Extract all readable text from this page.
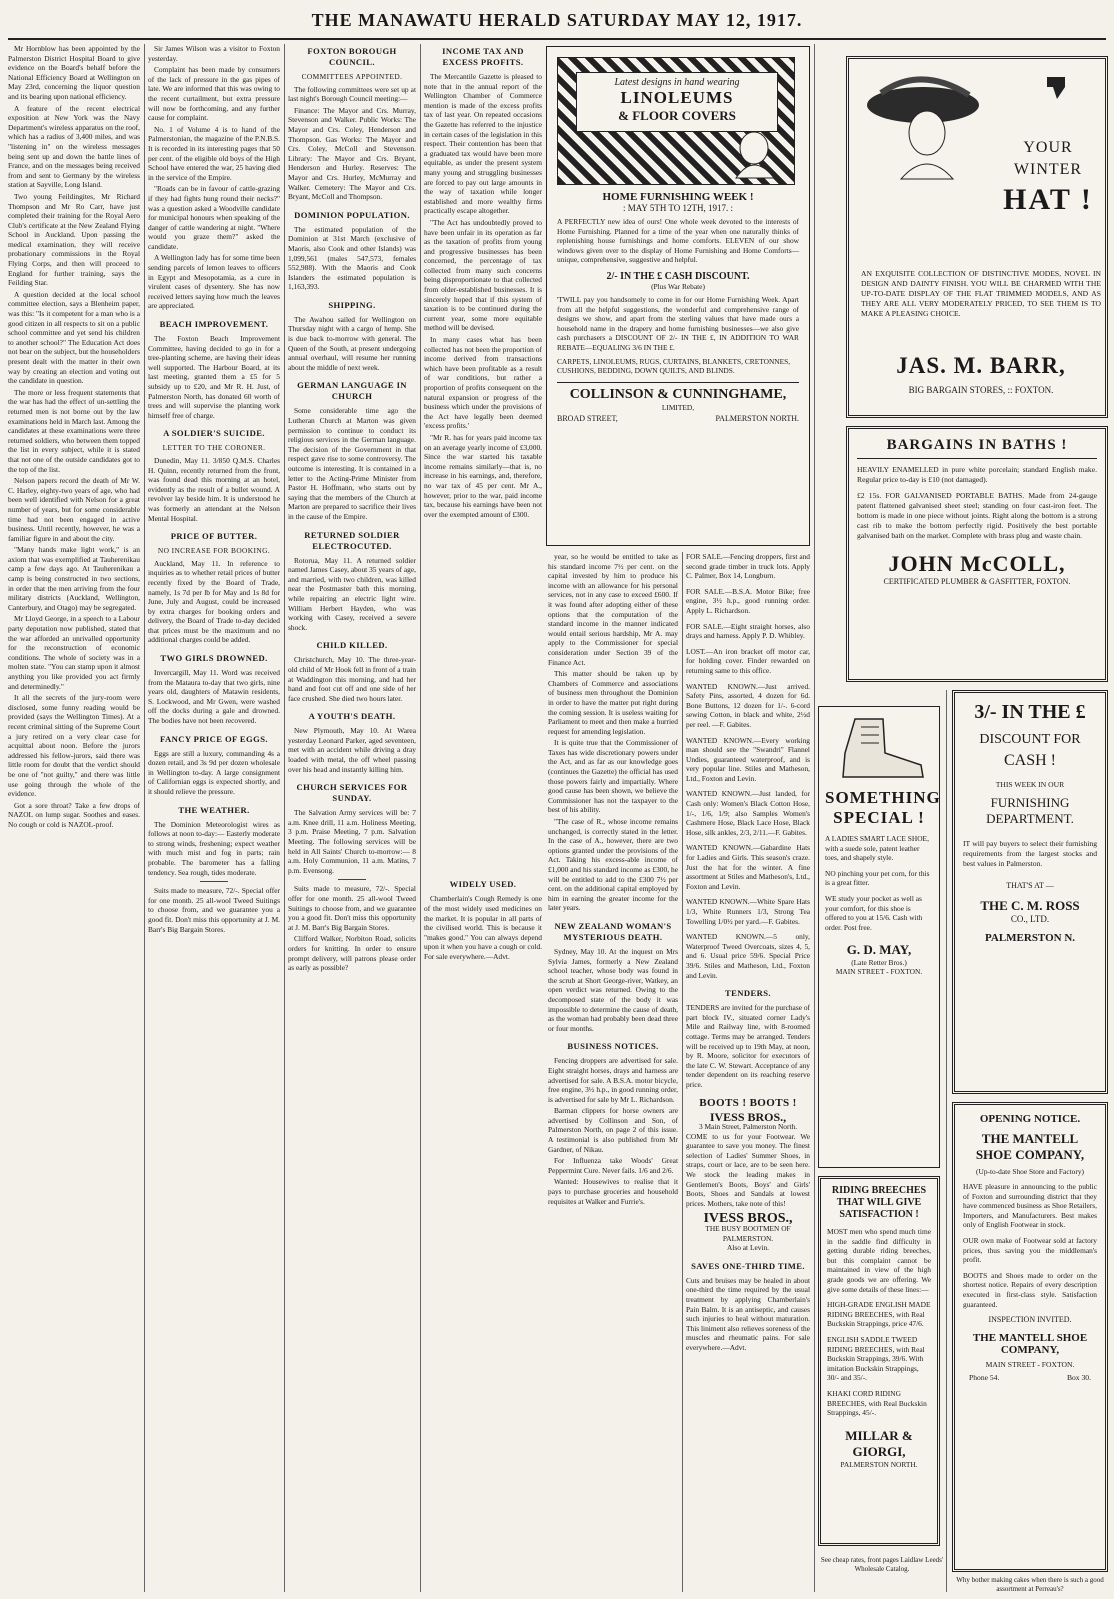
THE MANAWATU HERALD SATURDAY MAY 12, 1917.

Mr Hornblow has been appointed by the Palmerston District Hospital Board to give evidence on the Board's behalf before the National Efficiency Board at Wellington on May 23rd, concerning the liquor question and its bearing upon national efficiency.

A feature of the recent electrical exposition at New York was the Navy Department's wireless apparatus on the roof, which has a radius of 3,400 miles, and was "listening in" on the wireless messages being sent up and down the battle lines of France, and on the messages being received from and sent to Germany by the wireless station at Sayville, Long Island.

Two young Feildingites, Mr Richard Thompson and Mr Ro Carr, have just completed their training for the Royal Aero Club's certificate at the New Zealand Flying School in Auckland. Upon passing the medical examination, they will receive probationary commissions in the Royal Flying Corps, and then will proceed to England for further training, says the Feilding Star.

A question decided at the local school committee election, says a Blenheim paper, was this: "Is it competent for a man who is a good citizen in all respects to sit on a public school committee and yet send his children to another school?" The Education Act does not bear on the subject, but the householders present dealt with the matter in their own way by creating an election and voting out the candidate in question.

The more or less frequent statements that the war has had the effect of un-settling the returned men is not borne out by the law examinations held in March last. Among the candidates at these examinations were three returned soldiers, who between them topped the list in every subject, while it is stated that not one of the outside candidates got to the top of the list.

Nelson papers record the death of Mr W. C. Harley, eighty-two years of age, who had been well identified with Nelson for a great number of years, but for some considerable time had not been engaged in active business. Until recently, however, he was a familiar figure in and about the city.

"Many hands make light work," is an axiom that was exemplified at Tauherenikau camp a few days ago. At Tauherenikau a camp is being constructed in two sections, in order that the men arriving from the four military districts (Auckland, Wellington, Canterbury, and Otago) may be segregated.

Mr Lloyd George, in a speech to a Labour party deputation now published, stated that the war afforded an unrivalled opportunity for the reconstruction of economic conditions. The whole of society was in a molten state. "You can stamp upon it almost anything you like provided you act firmly and determinedly."

It all the secrets of the jury-room were disclosed, some funny reading would be provided (says the Wellington Times). At a recent criminal sitting of the Supreme Court a jury retired on a very clear case for acquittal about noon. Before the jurors addressed his fellow-jurors, said there was little room for doubt that the verdict should be one of "not guilty," and there was little use going through the whole of the evidence.

Got a sore throat? Take a few drops of NAZOL on lump sugar. Soothes and eases. No cough or cold is NAZOL-proof.

Sir James Wilson was a visitor to Foxton yesterday.

Complaint has been made by consumers of the lack of pressure in the gas pipes of late. We are informed that this was owing to the recent curtailment, but extra pressure will now be forthcoming, and any further cause for complaint.

No. 1 of Volume 4 is to hand of the Palmerstonian, the magazine of the P.N.B.S. It is recorded in its interesting pages that 50 per cent. of the eligible old boys of the High School have entered the war, 25 having died in the service of the Empire.

"Roads can be in favour of cattle-grazing if they had fights hung round their necks?" was a question asked a Woodville candidate for municipal honours when speaking of the danger of cattle wandering at night. "Where would you graze them?" asked the candidate.

A Wellington lady has for some time been sending parcels of lemon leaves to officers in Egypt and Mesopotamia, as a cure in virulent cases of dysentery. She has now received letters saying how much the leaves are appreciated.

BEACH IMPROVEMENT.

The Foxton Beach Improvement Committee, having decided to go in for a tree-planting scheme, are having their ideas well supported. The Harbour Board, at its last meeting, granted them a £5 for 5 subsidy up to £20, and Mr R. H. Just, of Palmerston North, has donated 60 worth of trees and will supervise the planting work himself free of charge.

A SOLDIER'S SUICIDE.
LETTER TO THE CORONER.

Dunedin, May 11. 3/850 Q.M.S. Charles H. Quinn, recently returned from the front, was found dead this morning at an hotel, evidently as the result of a bullet wound. A revolver lay beside him. It is understood he was formerly an attendant at the Nelson Mental Hospital.

PRICE OF BUTTER.
NO INCREASE FOR BOOKING.

Auckland, May 11. In reference to inquiries as to whether retail prices of butter recently fixed by the Board of Trade, namely, 1s 7d per lb for May and 1s 8d for June, July and August, could be increased by extra charges for booking orders and delivery, the Board of Trade to-day decided that prices must be the maximum and no additional charges could be added.

TWO GIRLS DROWNED.

Invercargill, May 11. Word was received from the Mataura to-day that two girls, nine years old, daughters of Matawin residents, S. Lockwood, and Mr Gwen, were washed off the docks during a gale and drowned. The bodies have not been recovered.

FANCY PRICE OF EGGS.

Eggs are still a luxury, commanding 4s a dozen retail, and 3s 9d per dozen wholesale in Wellington to-day. A large consignment of Californian eggs is expected shortly, and it should relieve the pressure.

THE WEATHER.

The Dominion Meteorologist wires as follows at noon to-day:— Easterly moderate to strong winds, freshening; expect weather with much mist and fog in parts; rain probable. The barometer has a falling tendency. Sea rough, tides moderate.

Suits made to measure, 72/-. Special offer for one month. 25 all-wool Tweed Suitings to choose from, and we guarantee you a good fit. Don't miss this opportunity at J. M. Barr's Big Bargain Stores.

FOXTON BOROUGH COUNCIL.
COMMITTEES APPOINTED.

The following committees were set up at last night's Borough Council meeting:—

Finance: The Mayor and Crs. Murray, Stevenson and Walker. Public Works: The Mayor and Crs. Coley, Henderson and Thompson. Gas Works: The Mayor and Crs. Coley, McColl and Stevenson. Library: The Mayor and Crs. Bryant, Henderson and Hurley. Reserves: The Mayor and Crs. Hurley, McMurray and Walker. Cemetery: The Mayor and Crs. Bryant, McColl and Thompson.

DOMINION POPULATION.

The estimated population of the Dominion at 31st March (exclusive of Maoris, also Cook and other Islands) was 1,099,561 (males 547,573, females 552,988). With the Maoris and Cook Islanders the estimated population is 1,163,393.

SHIPPING.

The Awahou sailed for Wellington on Thursday night with a cargo of hemp. She is due back to-morrow with general. The Queen of the South, at present undergoing annual overhaul, will resume her running about the middle of next week.

GERMAN LANGUAGE IN CHURCH

Some considerable time ago the Lutheran Church at Marton was given permission to continue to conduct its religious services in the German language. The decision of the Government in that respect gave rise to some controversy. The outcome is interesting. It is contained in a letter to the Acting-Prime Minister from Pastor H. Hoffmann, who starts out by saying that the members of the Church at Marton are prepared to sacrifice their lives in the cause of the Empire.

RETURNED SOLDIER ELECTROCUTED.

Rotorua, May 11. A returned soldier named James Casey, about 35 years of age, and married, with two children, was killed near the Postmaster bath this morning, while repairing an electric light wire. William Herbert Hayden, who was working with Casey, received a severe shock.

CHILD KILLED.

Christchurch, May 10. The three-year-old child of Mr Hook fell in front of a train at Waddington this morning, and had her hand and foot cut off and one side of her face crushed. She died two hours later.

A YOUTH'S DEATH.

New Plymouth, May 10. At Warea yesterday Leonard Parker, aged seventeen, met with an accident while driving a dray loaded with metal, the off wheel passing over his head and instantly killing him.

CHURCH SERVICES FOR SUNDAY.

The Salvation Army services will be: 7 a.m. Knee drill, 11 a.m. Holiness Meeting, 3 p.m. Praise Meeting, 7 p.m. Salvation Meeting. The following services will be held in All Saints' Church to-morrow:— 8 a.m. Holy Communion, 11 a.m. Matins, 7 p.m. Evensong.

Suits made to measure, 72/-. Special offer for one month. 25 all-wool Tweed Suitings to choose from, and we guarantee you a good fit. Don't miss this opportunity at J. M. Barr's Big Bargain Stores.

Clifford Walker, Norbiton Road, solicits orders for knitting. In order to ensure prompt delivery, will patrons please order as early as possible?

INCOME TAX AND EXCESS PROFITS.

The Mercantile Gazette is pleased to note that in the annual report of the Wellington Chamber of Commerce mention is made of the excess profits tax of last year. On repeated occasions the Gazette has referred to the injustice in certain cases of the legislation in this respect. Their contention has been that a graduated tax would have been more equitable, as under the present system many young and struggling businesses are forced to pay out large amounts in the way of taxation while longer established and more wealthy firms practically escape altogether.

"The Act has undoubtedly proved to have been unfair in its operation as far as the taxation of profits from young and progressive businesses has been concerned, the percentage of tax collected from many such concerns being disproportionate to that collected from older-established businesses. It is sincerely hoped that if this system of taxation is to be continued during the current year, some more equitable method will be devised.

In many cases what has been collected has not been the proportion of income derived from transactions which have been profitable as a result of war conditions, but rather a proportion of profits consequent on the natural expansion or progress of the business which under the provisions of the Act have legally been deemed 'excess profits.'

"Mr R. has for years paid income tax on an average yearly income of £3,000. Since the war started his taxable income remains similarly—that is, no increase in his earnings, and, therefore, no war tax of 45 per cent. Mr A., however, prior to the war, paid income tax, because his earnings have been not over the exempted amount of £300.

WIDELY USED.

Chamberlain's Cough Remedy is one of the most widely used medicines on the market. It is popular in all parts of the civilised world. This is because it "makes good." You can always depend upon it when you have a cough or cold. For sale everywhere.—Advt.

Latest designs in hand wearing
LINOLEUMS
& FLOOR COVERS
HOME FURNISHING WEEK !
: MAY 5TH TO 12TH, 1917. :
A PERFECTLY new idea of ours! One whole week devoted to the interests of Home Furnishing. Planned for a time of the year when one naturally thinks of replenishing house furnishings and home comforts. ELEVEN of our show windows given over to the display of Home Furnishing and Home Comforts—unique, comprehensive, suggestive and helpful.
2/- IN THE £ CASH DISCOUNT.
(Plus War Rebate)
'TWILL pay you handsomely to come in for our Home Furnishing Week. Apart from all the helpful suggestions, the wonderful and comprehensive range of designs we show, and apart from the sterling values that have made ours a household name in the drapery and home furnishing businesses—we also give cash purchasers a DISCOUNT OF 2/- IN THE £, IN ADDITION TO WAR REBATE—EQUALING 3/6 IN THE £.
CARPETS, LINOLEUMS, RUGS, CURTAINS, BLANKETS, CRETONNES, CUSHIONS, BEDDING, DOWN QUILTS, AND BLINDS.
COLLINSON & CUNNINGHAME,
LIMITED,
BROAD STREET,	PALMERSTON NORTH.

year, so he would be entitled to take as his standard income 7½ per cent. on the capital invested by him to produce his income with an allowance for his personal services, not in any case to exceed £600. If it was found after adopting either of these options that the computation of the standard income in the manner indicated would entail serious hardship, Mr A. may apply to the Commissioner for special consideration under Section 39 of the Finance Act.

This matter should be taken up by Chambers of Commerce and associations of business men throughout the Dominion in order to have the matter put right during the coming session. It is useless waiting for Parliament to meet and then make a hurried request for amending legislation.

It is quite true that the Commissioner of Taxes has wide discretionary powers under the Act, and as far as our knowledge goes (continues the Gazette) the official has used those powers fairly and impartially. Where good cause has been shown, we believe the Commissioner has not the taxpayer to the best of his ability.

"The case of R., whose income remains unchanged, is correctly stated in the letter. In the case of A., however, there are two options granted under the provisions of the Act. Taking his excess-able income of £1,000 and his standard income as £300, he will be entitled to add to the £300 7½ per cent. on the additional capital employed by him in earning the greater income for the later years.

NEW ZEALAND WOMAN'S MYSTERIOUS DEATH.

Sydney, May 10. At the inquest on Mrs Sylvia James, formerly a New Zealand school teacher, whose body was found in the scrub at Short George-river, Watkey, an open verdict was returned. Owing to the decomposed state of the body it was impossible to determine the cause of death, as the woman had probably been dead three or four months.

BUSINESS NOTICES.

Fencing droppers are advertised for sale. Eight straight horses, drays and harness are advertised for sale. A B.S.A. motor bicycle, free engine, 3½ h.p., in good running order, is advertised for sale by Mr L. Richardson.

Barman clippers for horse owners are advertised by Collinson and Son, of Palmerston North, on page 2 of this issue. A testimonial is also published from Mr Gardner, of Nikau.

For Influenza take Woods' Great Peppermint Cure. Never fails. 1/6 and 2/6.

Wanted: Housewives to realise that it pays to purchase groceries and household requisites at Walker and Furrie's.

FOR SALE.—Fencing droppers, first and second grade timber in truck lots. Apply C. Palmer, Box 14, Longburn.
FOR SALE.—B.S.A. Motor Bike; free engine, 3½ h.p., good running order. Apply L. Richardson.
FOR SALE.—Eight straight horses, also drays and harness. Apply P. D. Whibley.
LOST.—An iron bracket off motor car, for holding cover. Finder rewarded on returning same to this office.
WANTED KNOWN.—Just arrived. Safety Pins, assorted, 4 dozen for 6d. Bone Buttons, 12 dozen for 1/-. 6-cord sewing Cotton, in black and white, 2½d per reel. —F. Gabites.
WANTED KNOWN.—Every working man should see the "Swandri" Flannel Undies, guaranteed waterproof, and is very popular line. Stiles and Matheson, Ltd., Foxton and Levin.
WANTED KNOWN.—Just landed, for Cash only: Women's Black Cotton Hose, 1/-, 1/6, 1/9; also Samples Women's Cashmere Hose, Black Lace Hose, Black Hose, silk ankles, 2/3, 2/11.—F. Gabites.
WANTED KNOWN.—Gabardine Hats for Ladies and Girls. This season's craze. Just the hat for the winter. A fine assortment at Stiles and Matheson's, Ltd., Foxton and Levin.
WANTED KNOWN.—White Spare Hats 1/3, White Runners 1/3, Strong Tea Towelling 1/0½ per yard.—F. Gabites.
WANTED KNOWN.—5 only, Waterproof Tweed Overcoats, sizes 4, 5, and 6. Usual price 59/6. Special Price 39/6. Stiles and Matheson, Ltd., Foxton and Levin.
TENDERS.
TENDERS are invited for the purchase of part block IV., situated corner Lady's Mile and Railway line, with 8-roomed cottage. Terms may be arranged. Tenders will be received up to 19th May, at noon, by R. Moore, solicitor for executors of the late C. W. Stewart. Acceptance of any tender dependent on its reaching reserve price.
BOOTS ! BOOTS !
IVESS BROS.,
3 Main Street, Palmerston North.
COME to us for your Footwear. We guarantee to save you money. The finest selection of Ladies' Summer Shoes, in straps, court or lace, are to be seen here. We stock the leading makes in Gentlemen's Boots, Boys' and Girls' Boots, Shoes and Sandals at lowest prices. Mothers, take note of this!
IVESS BROS.,
THE BUSY BOOTMEN OF PALMERSTON.
Also at Levin.
SAVES ONE-THIRD TIME.
Cuts and bruises may be healed in about one-third the time required by the usual treatment by applying Chamberlain's Pain Balm. It is an antiseptic, and causes such injuries to heal without maturation. This liniment also relieves soreness of the muscles and rheumatic pains. For sale everywhere.—Advt.
SOMETHING
SPECIAL !
A LADIES SMART LACE SHOE, with a suede sole, patent leather toes, and shapely style.
NO pinching your pet corn, for this is a great fitter.
WE study your pocket as well as your comfort, for this shoe is offered to you at 15/6. Cash with order. Post free.
G. D. MAY,
(Late Retter Bros.)
MAIN STREET - FOXTON.
RIDING BREECHES THAT WILL GIVE SATISFACTION !
MOST men who spend much time in the saddle find difficulty in getting durable riding breeches, but this complaint cannot be maintained in view of the high grade goods we are offering. We give some details of these lines:—
HIGH-GRADE ENGLISH MADE RIDING BREECHES, with Real Buckskin Strappings, price 47/6.
ENGLISH SADDLE TWEED RIDING BREECHES, with Real Buckskin Strappings, 39/6. With imitation Buckskin Strappings, 30/- and 35/-.
KHAKI CORD RIDING BREECHES, with Real Buckskin Strappings, 45/-.
MILLAR & GIORGI,
PALMERSTON NORTH.
See cheap rates, front pages Laidlaw Leeds' Wholesale Catalog.
YOUR
WINTER
HAT !
AN EXQUISITE COLLECTION OF DISTINCTIVE MODES, NOVEL IN DESIGN AND DAINTY FINISH. YOU WILL BE CHARMED WITH THE UP-TO-DATE DISPLAY OF THE FLAT TRIMMED MODELS, AND AS THEY ARE ALL VERY MODERATELY PRICED, TO SEE THEM IS TO MAKE A PLEASING CHOICE.
JAS. M. BARR,
BIG BARGAIN STORES, :: FOXTON.
BARGAINS IN BATHS !
HEAVILY ENAMELLED in pure white porcelain; standard English make. Regular price to-day is £10 (not damaged).
£2 15s. FOR GALVANISED PORTABLE BATHS. Made from 24-gauge patent flattened galvanised sheet steel; standing on four cast-iron feet. The bottom is made in one piece without joints. Right along the bottom is a strong cast rib to make the bottom perfectly rigid. Positively the best portable galvanised bath on the market. Complete with brass plug and waste chain.
JOHN McCOLL,
CERTIFICATED PLUMBER & GASFITTER, FOXTON.
3/- IN THE £
DISCOUNT FOR
CASH !
THIS WEEK IN OUR
FURNISHING
DEPARTMENT.
IT will pay buyers to select their furnishing requirements from the largest stocks and best values in Palmerston.
THAT'S AT —
THE C. M. ROSS
CO., LTD.
PALMERSTON N.
OPENING NOTICE.
THE MANTELL SHOE COMPANY,
(Up-to-date Shoe Store and Factory)
HAVE pleasure in announcing to the public of Foxton and surrounding district that they have commenced business as Shoe Retailers, Importers, and Manufacturers. Best makes only of English Footwear in stock.
OUR own make of Footwear sold at factory prices, thus saving you the middleman's profit.
BOOTS and Shoes made to order on the shortest notice. Repairs of every description executed in first-class style. Satisfaction guaranteed.
INSPECTION INVITED.
THE MANTELL SHOE COMPANY,
MAIN STREET - FOXTON.
Phone 54.	Box 30.
Why bother making cakes when there is such a good assortment at Perreau's?
